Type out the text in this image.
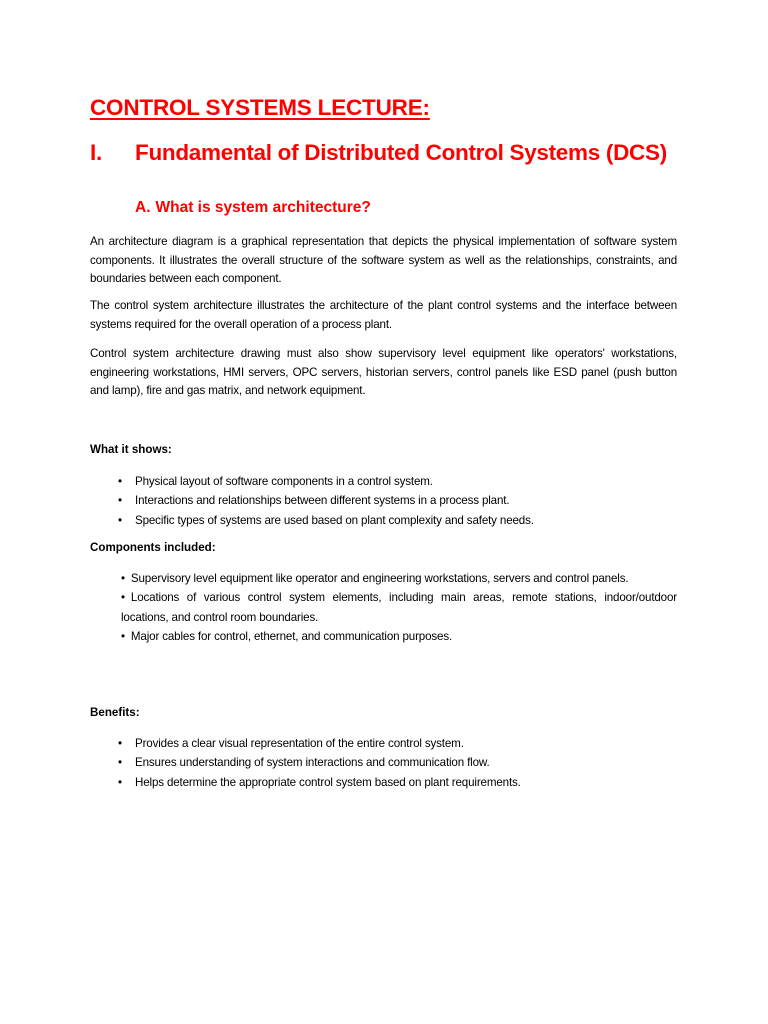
CONTROL SYSTEMS LECTURE:
I. Fundamental of Distributed Control Systems (DCS)
A. What is system architecture?

An architecture diagram is a graphical representation that depicts the physical implementation of software system components. It illustrates the overall structure of the software system as well as the relationships, constraints, and boundaries between each component.

The control system architecture illustrates the architecture of the plant control systems and the interface between systems required for the overall operation of a process plant.

Control system architecture drawing must also show supervisory level equipment like operators' workstations, engineering workstations, HMI servers, OPC servers, historian servers, control panels like ESD panel (push button and lamp), fire and gas matrix, and network equipment.

What it shows:

• Physical layout of software components in a control system.
• Interactions and relationships between different systems in a process plant.
• Specific types of systems are used based on plant complexity and safety needs.

Components included:

• Supervisory level equipment like operator and engineering workstations, servers and control panels.
• Locations of various control system elements, including main areas, remote stations, indoor/outdoor locations, and control room boundaries.
• Major cables for control, ethernet, and communication purposes.

Benefits:

• Provides a clear visual representation of the entire control system.
• Ensures understanding of system interactions and communication flow.
• Helps determine the appropriate control system based on plant requirements.
